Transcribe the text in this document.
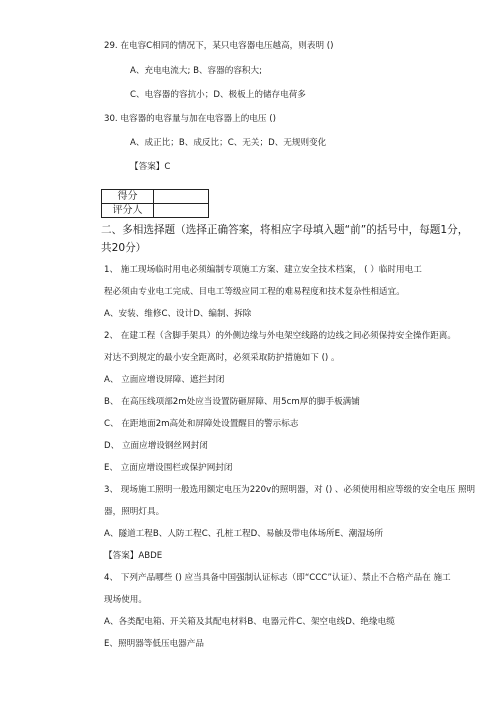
29. 在电容C相同的情况下，某只电容器电压越高，则表明 ()
A、充电电流大; B、容器的容积大;
C、电容器的容抗小；D、极板上的储存电荷多
30. 电容器的电容量与加在电容器上的电压 ()
A、成正比；B、成反比；C、无关；D、无规则变化
【答案】C
得分	
评分人	
二、多相选择题（选择正确答案，将相应字母填入题“前”的括号中，每题1分，
共20分）
1、 施工现场临时用电必须编制专项施工方案、建立安全技术档案， ( ）临时用电工
程必须由专业电工完成、目电工等级应同工程的难易程度和技术复杂性相适宜。
A、安装、维修C、设计D、编制、拆除
2、 在建工程（含脚手架具）的外侧边缘与外电架空线路的边线之间必须保持安全操作距离。
对达不到规定的最小安全距离时，必须采取防护措施如下 () 。
A、 立面应增设屏障、遮拦封闭
B、 在高压线项部2m处应当设置防砸屏障、用5cm厚的脚手板满铺
C、 在距地面2m高处和屏障处设置醒目的警示标志
D、 立面应增设钢丝网封闭
E、 立面应增设围栏或保护网封闭
3、 现场施工照明一般选用额定电压为220v的照明器，对 () 、必须使用相应等级的安全电压 照明
器，照明灯具。
A、隧道工程B、人防工程C、孔桩工程D、易触及带电体场所E、潮湿场所
【答案】ABDE
4、 下列产品哪些 () 应当具备中国强制认证标志（即“CCC”认证）、禁止不合格产品在 施工
现场使用。
A、各类配电箱、开关箱及其配电材料B、电器元件C、架空电线D、绝缘电缆
E、照明器等低压电器产品
